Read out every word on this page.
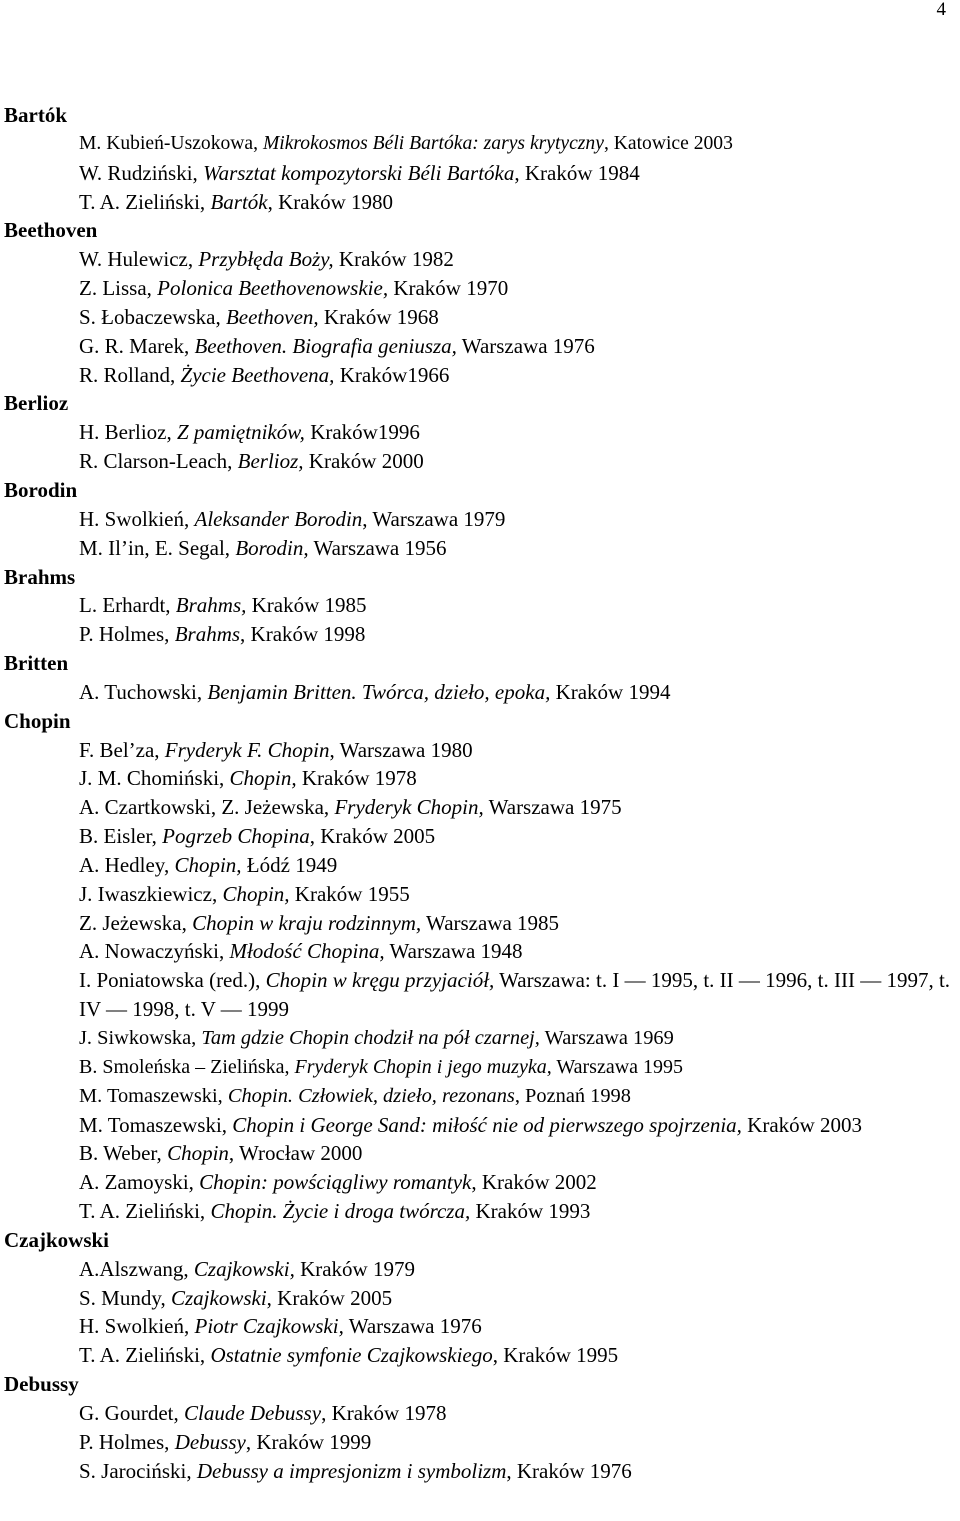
4
Bartók
M. Kubień-Uszokowa, Mikrokosmos Béli Bartóka: zarys krytyczny, Katowice 2003
W. Rudziński, Warsztat kompozytorski Béli Bartóka, Kraków 1984
T. A. Zieliński, Bartók, Kraków 1980
Beethoven
W. Hulewicz, Przybłęda Boży, Kraków 1982
Z. Lissa, Polonica Beethovenowskie, Kraków 1970
S. Łobaczewska, Beethoven, Kraków 1968
G. R. Marek, Beethoven. Biografia geniusza, Warszawa 1976
R. Rolland, Życie Beethovena, Kraków1966
Berlioz
H. Berlioz, Z pamiętników, Kraków1996
R. Clarson-Leach, Berlioz, Kraków 2000
Borodin
H. Swolkień, Aleksander Borodin, Warszawa 1979
M. Il’in, E. Segal, Borodin, Warszawa 1956
Brahms
L. Erhardt, Brahms, Kraków 1985
P. Holmes, Brahms, Kraków 1998
Britten
A. Tuchowski, Benjamin Britten. Twórca, dzieło, epoka, Kraków 1994
Chopin
F. Bel’za, Fryderyk F. Chopin, Warszawa 1980
J. M. Chomiński, Chopin, Kraków 1978
A. Czartkowski, Z. Jeżewska, Fryderyk Chopin, Warszawa 1975
B. Eisler, Pogrzeb Chopina, Kraków 2005
A. Hedley, Chopin, Łódź 1949
J. Iwaszkiewicz, Chopin, Kraków 1955
Z. Jeżewska, Chopin w kraju rodzinnym, Warszawa 1985
A. Nowaczyński, Młodość Chopina, Warszawa 1948
I. Poniatowska (red.), Chopin w kręgu przyjaciół, Warszawa: t. I — 1995, t. II — 1996, t. III — 1997, t. IV — 1998, t. V — 1999
J. Siwkowska, Tam gdzie Chopin chodził na pół czarnej, Warszawa 1969
B. Smoleńska – Zielińska, Fryderyk Chopin i jego muzyka, Warszawa 1995
M. Tomaszewski, Chopin. Człowiek, dzieło, rezonans, Poznań 1998
M. Tomaszewski, Chopin i George Sand: miłość nie od pierwszego spojrzenia, Kraków 2003
B. Weber, Chopin, Wrocław 2000
A. Zamoyski, Chopin: powściągliwy romantyk, Kraków 2002
T. A. Zieliński, Chopin. Życie i droga twórcza, Kraków 1993
Czajkowski
A.Alszwang, Czajkowski, Kraków 1979
S. Mundy, Czajkowski, Kraków 2005
H. Swolkień, Piotr Czajkowski, Warszawa 1976
T. A. Zieliński, Ostatnie symfonie Czajkowskiego, Kraków 1995
Debussy
G. Gourdet, Claude Debussy, Kraków 1978
P. Holmes, Debussy, Kraków 1999
S. Jarociński, Debussy a impresjonizm i symbolizm, Kraków 1976
